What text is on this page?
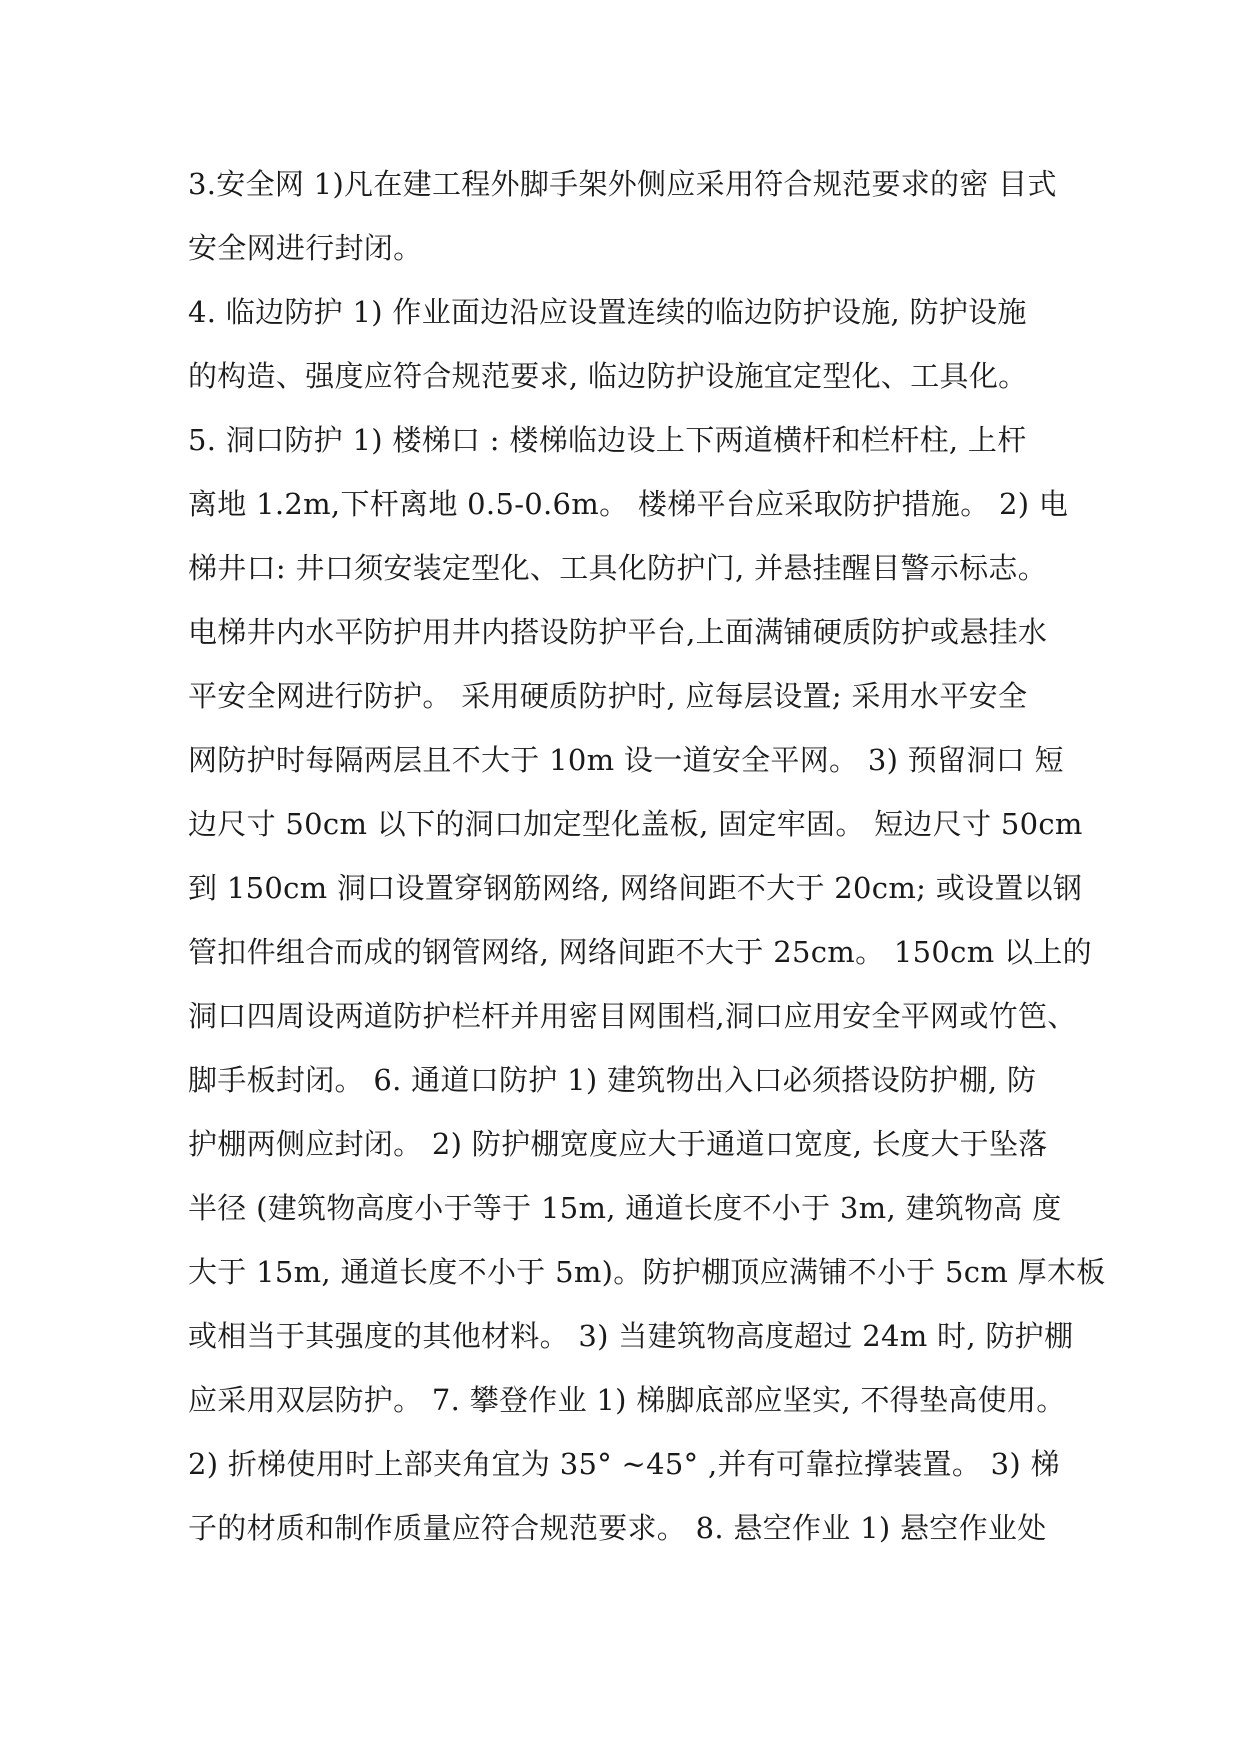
3.安全网 1)凡在建工程外脚手架外侧应采用符合规范要求的密 目式
安全网进行封闭。
4. 临边防护 1) 作业面边沿应设置连续的临边防护设施, 防护设施
的构造、强度应符合规范要求, 临边防护设施宜定型化、工具化。
5. 洞口防护 1) 楼梯口 : 楼梯临边设上下两道横杆和栏杆柱, 上杆
离地 1.2m,下杆离地 0.5-0.6m。 楼梯平台应采取防护措施。 2) 电
梯井口: 井口须安装定型化、工具化防护门, 并悬挂醒目警示标志。
电梯井内水平防护用井内搭设防护平台,上面满铺硬质防护或悬挂水
平安全网进行防护。 采用硬质防护时, 应每层设置; 采用水平安全
网防护时每隔两层且不大于 10m 设一道安全平网。 3) 预留洞口 短
边尺寸 50cm 以下的洞口加定型化盖板, 固定牢固。 短边尺寸 50cm
到 150cm 洞口设置穿钢筋网络, 网络间距不大于 20cm; 或设置以钢
管扣件组合而成的钢管网络, 网络间距不大于 25cm。 150cm 以上的
洞口四周设两道防护栏杆并用密目网围档,洞口应用安全平网或竹笆、
脚手板封闭。 6. 通道口防护 1) 建筑物出入口必须搭设防护棚, 防
护棚两侧应封闭。 2) 防护棚宽度应大于通道口宽度, 长度大于坠落
半径 (建筑物高度小于等于 15m, 通道长度不小于 3m, 建筑物高 度
大于 15m, 通道长度不小于 5m)。防护棚顶应满铺不小于 5cm 厚木板
或相当于其强度的其他材料。 3) 当建筑物高度超过 24m 时, 防护棚
应采用双层防护。 7. 攀登作业 1) 梯脚底部应坚实, 不得垫高使用。
2) 折梯使用时上部夹角宜为 35° ~45° ,并有可靠拉撑装置。 3) 梯
子的材质和制作质量应符合规范要求。 8. 悬空作业 1) 悬空作业处
